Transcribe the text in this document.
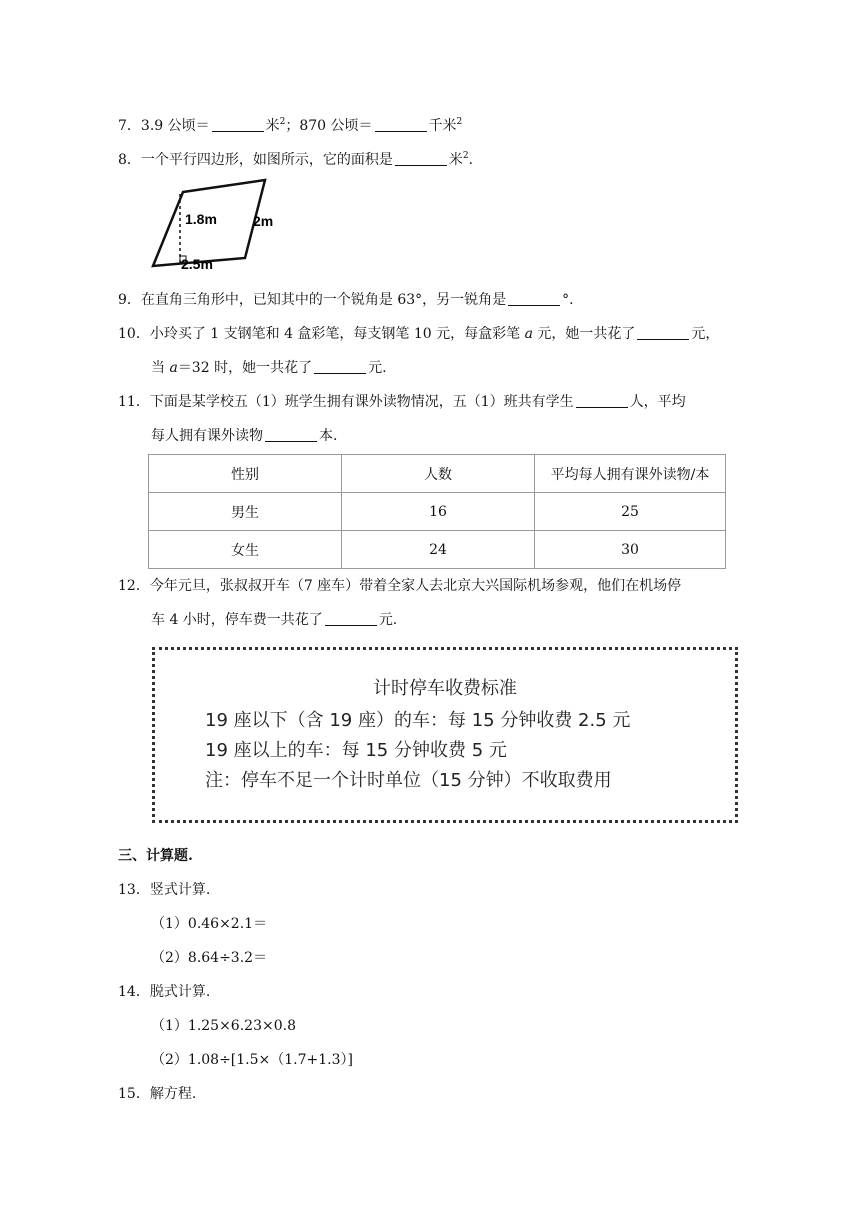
7．3.9 公顷＝	米$^2$；870 公顷＝	千米$^2$
8．一个平行四边形，如图所示，它的面积是	米$^2$.
1.8m	2m
2.5m
9．在直角三角形中，已知其中的一个锐角是 63°，另一锐角是	°.
10．小玲买了 1 支钢笔和 4 盒彩笔，每支钢笔 10 元，每盒彩笔 a 元，她一共花了	元，
当 a＝32 时，她一共花了	元.
11．下面是某学校五（1）班学生拥有课外读物情况，五（1）班共有学生	人，平均
每人拥有课外读物	本.
性别	人数	平均每人拥有课外读物/本
男生	16	25
女生	24	30
12．今年元旦，张叔叔开车（7 座车）带着全家人去北京大兴国际机场参观，他们在机场停
车 4 小时，停车费一共花了	元.
计时停车收费标准
19 座以下（含 19 座）的车：每 15 分钟收费 2.5 元
19 座以上的车：每 15 分钟收费 5 元
注：停车不足一个计时单位（15 分钟）不收取费用
三、计算题.
13．竖式计算.
（1）0.46×2.1＝
（2）8.64÷3.2＝
14．脱式计算.
（1）1.25×6.23×0.8
（2）1.08÷[1.5×（1.7+1.3）]
15．解方程.
